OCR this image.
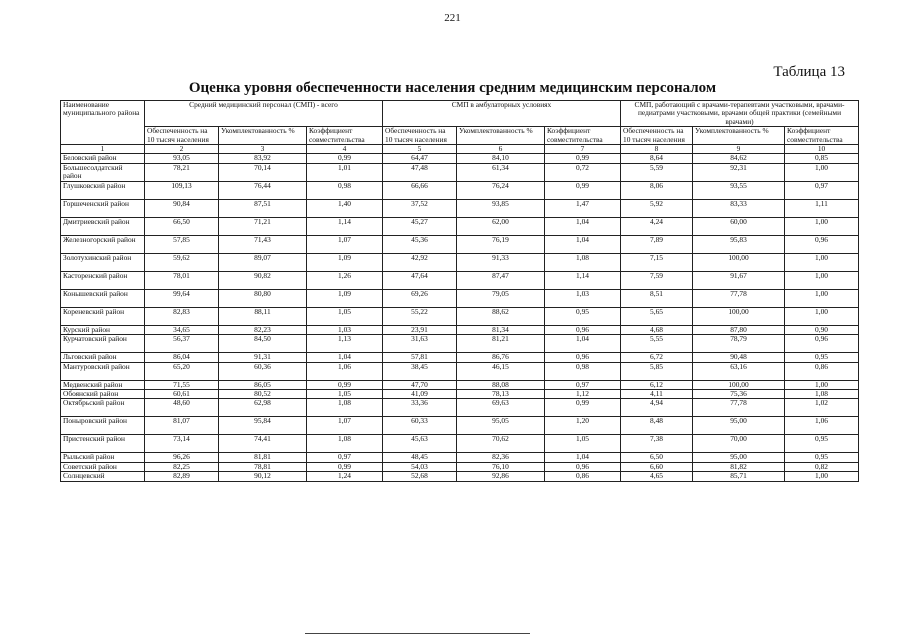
221
Таблица 13
Оценка уровня обеспеченности населения средним медицинским персоналом
Наименование муниципального района	Средний медицинский персонал (СМП) - всего			СМП в амбулаторных условиях			СМП, работающий с врачами-терапевтами участковыми, врачами-педиатрами участковыми, врачами общей практики (семейными врачами)		
	Обеспеченность на 10 тысяч населения	Укомплектованность %	Коэффициент совместительства	Обеспеченность на 10 тысяч населения	Укомплектованность %	Коэффициент совместительства	Обеспеченность на 10 тысяч населения	Укомплектованность %	Коэффициент совместительства
1	2	3	4	5	6	7	8	9	10
Беловский район	93,05	83,92	0,99	64,47	84,10	0,99	8,64	84,62	0,85
Большесолдатский район	78,21	70,14	1,01	47,48	61,34	0,72	5,59	92,31	1,00
Глушковский район	109,13	76,44	0,98	66,66	76,24	0,99	8,06	93,55	0,97
Горшеченский район	90,84	87,51	1,40	37,52	93,85	1,47	5,92	83,33	1,11
Дмитриевский район	66,50	71,21	1,14	45,27	62,00	1,04	4,24	60,00	1,00
Железногорский район	57,85	71,43	1,07	45,36	76,19	1,04	7,89	95,83	0,96
Золотухинский район	59,62	89,07	1,09	42,92	91,33	1,08	7,15	100,00	1,00
Касторенский район	78,01	90,82	1,26	47,64	87,47	1,14	7,59	91,67	1,00
Конышевский район	99,64	80,80	1,09	69,26	79,05	1,03	8,51	77,78	1,00
Кореневский район	82,83	88,11	1,05	55,22	88,62	0,95	5,65	100,00	1,00
Курский район	34,65	82,23	1,03	23,91	81,34	0,96	4,68	87,80	0,90
Курчатовский район	56,37	84,50	1,13	31,63	81,21	1,04	5,55	78,79	0,96
Льговский район	86,04	91,31	1,04	57,81	86,76	0,96	6,72	90,48	0,95
Мантуровский район	65,20	60,36	1,06	38,45	46,15	0,98	5,85	63,16	0,86
Медвенский район	71,55	86,05	0,99	47,70	88,08	0,97	6,12	100,00	1,00
Обоянский район	60,61	80,52	1,05	41,09	78,13	1,12	4,11	75,36	1,08
Октябрьский район	48,60	62,98	1,08	33,36	69,63	0,99	4,94	77,78	1,02
Поныровский район	81,07	95,84	1,07	60,33	95,05	1,20	8,48	95,00	1,06
Пристенский район	73,14	74,41	1,08	45,63	70,62	1,05	7,38	70,00	0,95
Рыльский район	96,26	81,81	0,97	48,45	82,36	1,04	6,50	95,00	0,95
Советский район	82,25	78,81	0,99	54,03	76,10	0,96	6,60	81,82	0,82
Солнцевский	82,89	90,12	1,24	52,68	92,86	0,86	4,65	85,71	1,00
